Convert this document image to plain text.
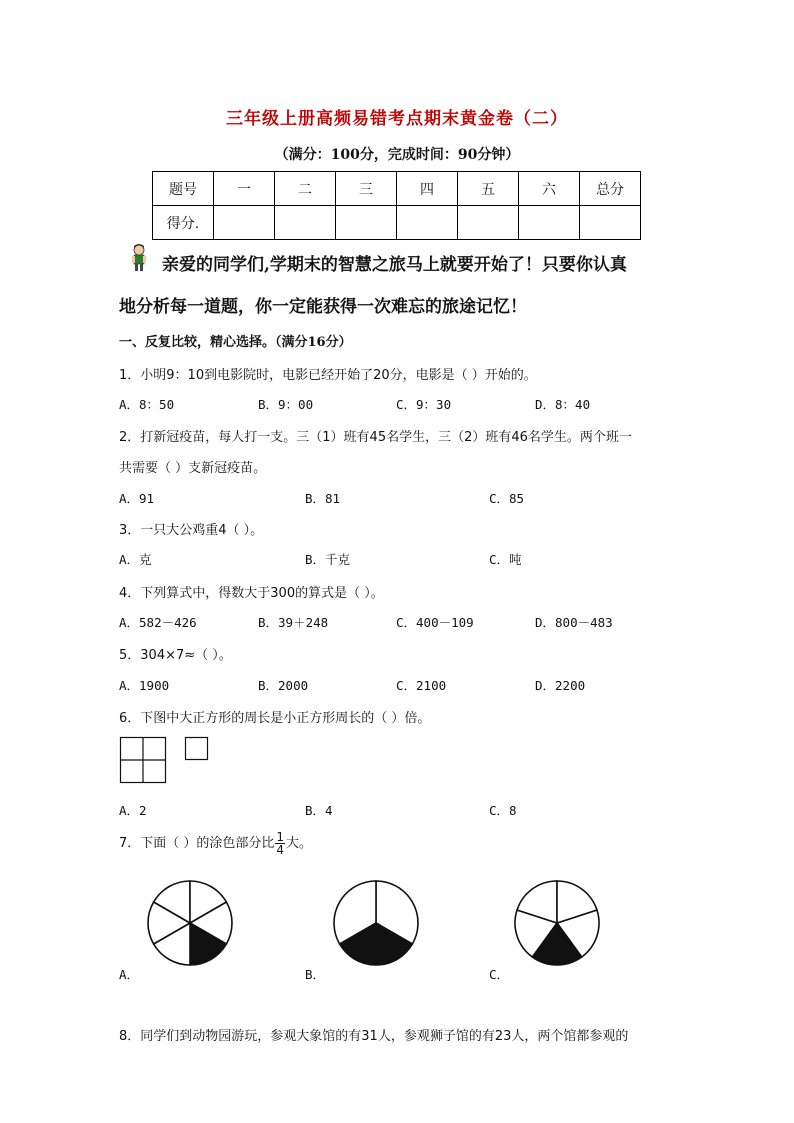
三年级上册高频易错考点期末黄金卷（二）
（满分：100分，完成时间：90分钟）
题号	一	二	三	四	五	六	总分
得分.							
亲爱的同学们,学期末的智慧之旅马上就要开始了！只要你认真
地分析每一道题，你一定能获得一次难忘的旅途记忆！
一、反复比较，精心选择。（满分16分）
1．小明9：10到电影院时，电影已经开始了20分，电影是（ ）开始的。
A．8：50	B．9：00	C．9：30	D．8：40
2．打新冠疫苗，每人打一支。三（1）班有45名学生，三（2）班有46名学生。两个班一
共需要（ ）支新冠疫苗。
A．91	B．81	C．85
3．一只大公鸡重4（ ）。
A．克	B．千克	C．吨
4．下列算式中，得数大于300的算式是（ ）。
A．582－426	B．39＋248	C．400－109	D．800－483
5．304×7≈（ ）。
A．1900	B．2000	C．2100	D．2200
6．下图中大正方形的周长是小正方形周长的（ ）倍。
A．2	B．4	C．8
7．下面（ ）的涂色部分比 $\frac{1}{4}$ 大。
A．	B．	C．
8．同学们到动物园游玩，参观大象馆的有31人，参观狮子馆的有23人，两个馆都参观的
